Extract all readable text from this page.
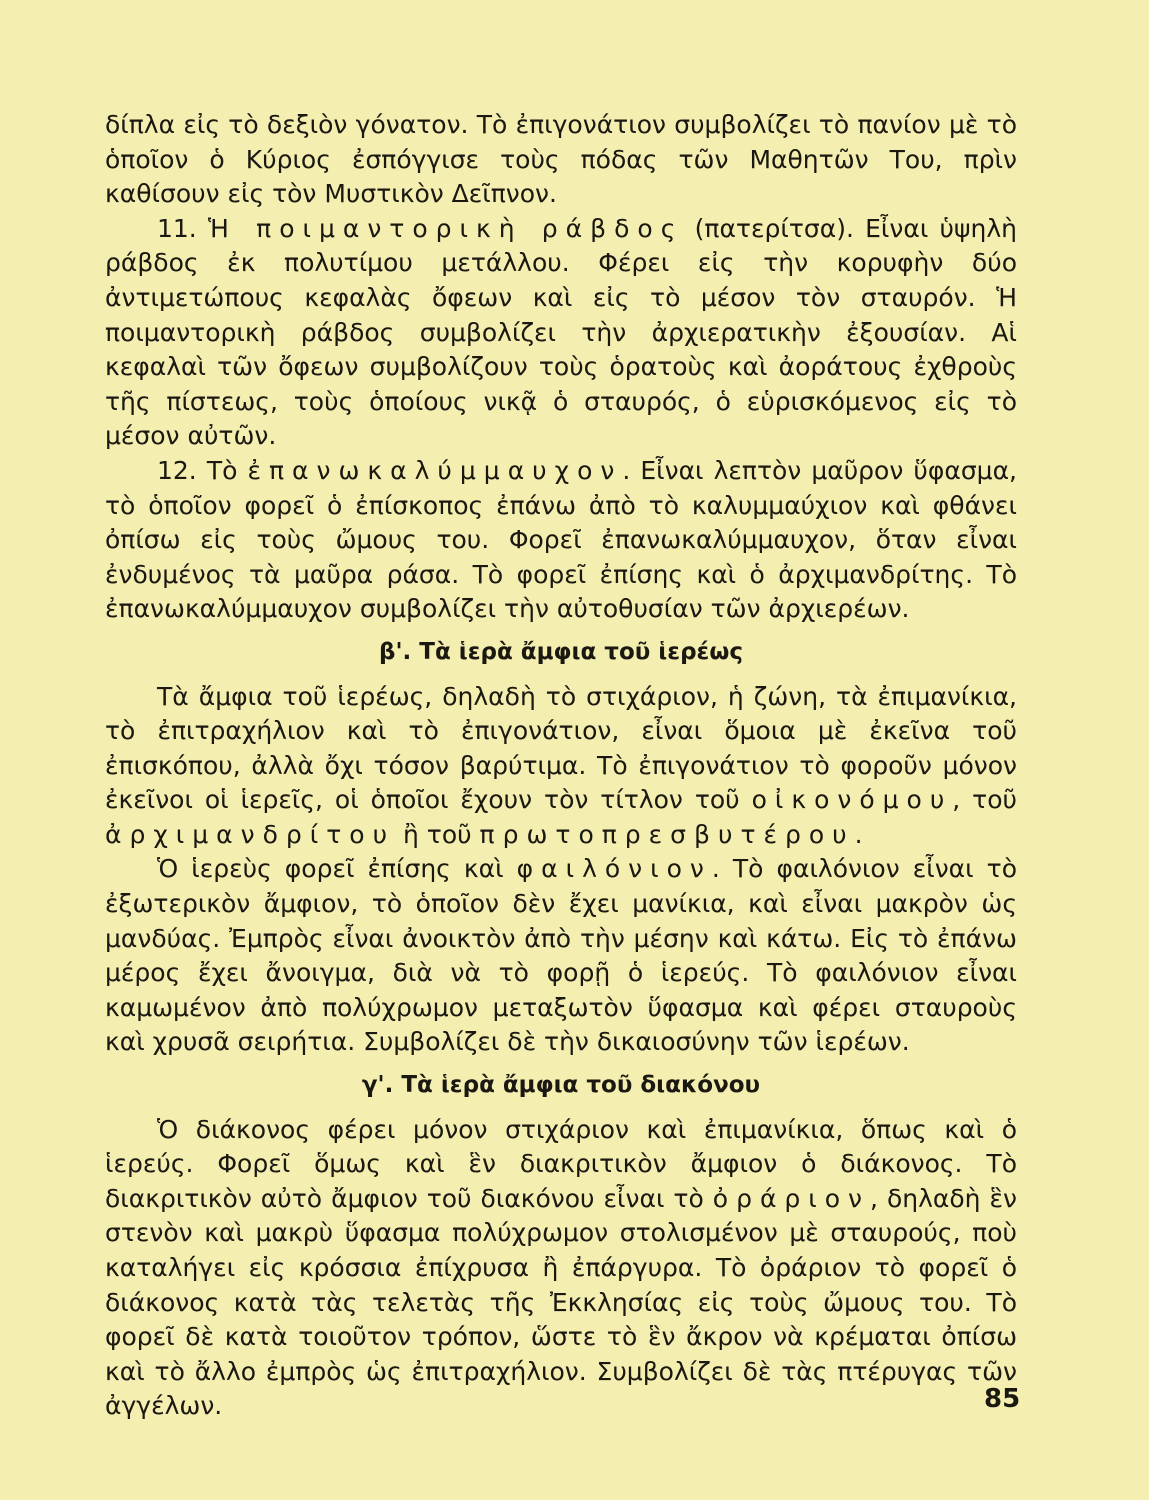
δίπλα εἰς τὸ δεξιὸν γόνατον. Τὸ ἐπιγονάτιον συμβολίζει τὸ πανίον μὲ τὸ ὁποῖον ὁ Κύριος ἐσπόγγισε τοὺς πόδας τῶν Μαθητῶν Του, πρὶν καθίσουν εἰς τὸν Μυστικὸν Δεῖπνον.

11. Ἡ ποιμαντορικὴ ράβδος (πατερίτσα). Εἶναι ὑψηλὴ ράβδος ἐκ πολυτίμου μετάλλου. Φέρει εἰς τὴν κορυφὴν δύο ἀντιμετώπους κεφαλὰς ὄφεων καὶ εἰς τὸ μέσον τὸν σταυρόν. Ἡ ποιμαντορικὴ ράβδος συμβολίζει τὴν ἀρχιερατικὴν ἐξουσίαν. Αἱ κεφαλαὶ τῶν ὄφεων συμβολίζουν τοὺς ὁρατοὺς καὶ ἀοράτους ἐχθροὺς τῆς πίστεως, τοὺς ὁποίους νικᾷ ὁ σταυρός, ὁ εὑρισκόμενος εἰς τὸ μέσον αὐτῶν.

12. Τὸ ἐπανωκαλύμμαυχον. Εἶναι λεπτὸν μαῦρον ὕφασμα, τὸ ὁποῖον φορεῖ ὁ ἐπίσκοπος ἐπάνω ἀπὸ τὸ καλυμμαύχιον καὶ φθάνει ὀπίσω εἰς τοὺς ὤμους του. Φορεῖ ἐπανωκαλύμμαυχον, ὅταν εἶναι ἐνδυμένος τὰ μαῦρα ράσα. Τὸ φορεῖ ἐπίσης καὶ ὁ ἀρχιμανδρίτης. Τὸ ἐπανωκαλύμμαυχον συμβολίζει τὴν αὐτοθυσίαν τῶν ἀρχιερέων.

β'. Τὰ ἱερὰ ἄμφια τοῦ ἱερέως

Τὰ ἄμφια τοῦ ἱερέως, δηλαδὴ τὸ στιχάριον, ἡ ζώνη, τὰ ἐπιμανίκια, τὸ ἐπιτραχήλιον καὶ τὸ ἐπιγονάτιον, εἶναι ὅμοια μὲ ἐκεῖνα τοῦ ἐπισκόπου, ἀλλὰ ὄχι τόσον βαρύτιμα. Τὸ ἐπιγονάτιον τὸ φοροῦν μόνον ἐκεῖνοι οἱ ἱερεῖς, οἱ ὁποῖοι ἔχουν τὸν τίτλον τοῦ οἰκονόμου, τοῦ ἀρχιμανδρίτου ἢ τοῦ πρωτοπρεσβυτέρου.

Ὁ ἱερεὺς φορεῖ ἐπίσης καὶ φαιλόνιον. Τὸ φαιλόνιον εἶναι τὸ ἐξωτερικὸν ἄμφιον, τὸ ὁποῖον δὲν ἔχει μανίκια, καὶ εἶναι μακρὸν ὡς μανδύας. Ἐμπρὸς εἶναι ἀνοικτὸν ἀπὸ τὴν μέσην καὶ κάτω. Εἰς τὸ ἐπάνω μέρος ἔχει ἄνοιγμα, διὰ νὰ τὸ φορῇ ὁ ἱερεύς. Τὸ φαιλόνιον εἶναι καμωμένον ἀπὸ πολύχρωμον μεταξωτὸν ὕφασμα καὶ φέρει σταυροὺς καὶ χρυσᾶ σειρήτια. Συμβολίζει δὲ τὴν δικαιοσύνην τῶν ἱερέων.

γ'. Τὰ ἱερὰ ἄμφια τοῦ διακόνου

Ὁ διάκονος φέρει μόνον στιχάριον καὶ ἐπιμανίκια, ὅπως καὶ ὁ ἱερεύς. Φορεῖ ὅμως καὶ ἓν διακριτικὸν ἄμφιον ὁ διάκονος. Τὸ διακριτικὸν αὐτὸ ἄμφιον τοῦ διακόνου εἶναι τὸ ὀράριον, δηλαδὴ ἓν στενὸν καὶ μακρὺ ὕφασμα πολύχρωμον στολισμένον μὲ σταυρούς, ποὺ καταλήγει εἰς κρόσσια ἐπίχρυσα ἢ ἐπάργυρα. Τὸ ὀράριον τὸ φορεῖ ὁ διάκονος κατὰ τὰς τελετὰς τῆς Ἐκκλησίας εἰς τοὺς ὤμους του. Τὸ φορεῖ δὲ κατὰ τοιοῦτον τρόπον, ὥστε τὸ ἓν ἄκρον νὰ κρέμαται ὀπίσω καὶ τὸ ἄλλο ἐμπρὸς ὡς ἐπιτραχήλιον. Συμβολίζει δὲ τὰς πτέρυγας τῶν ἀγγέλων.	85
